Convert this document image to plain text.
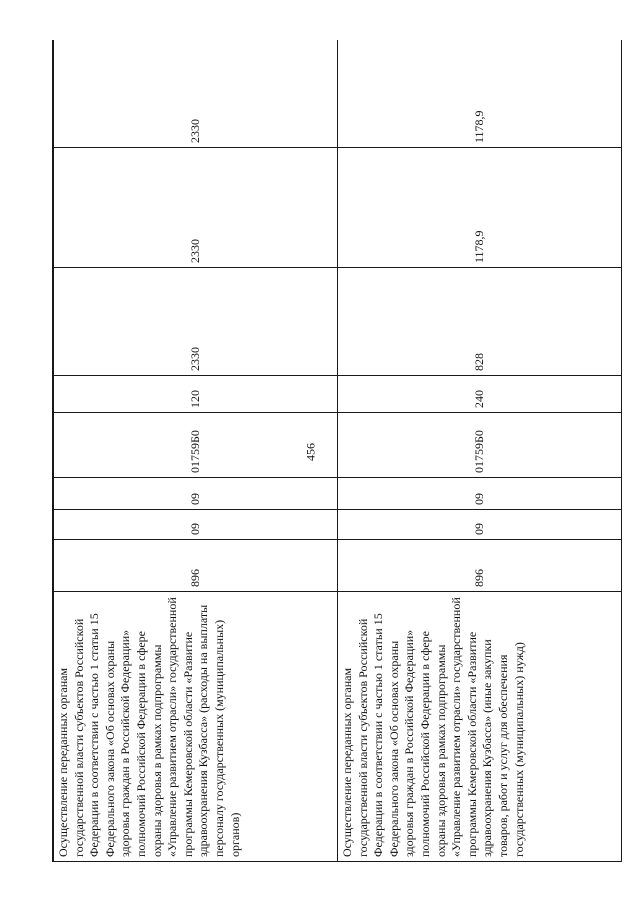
456
Осуществление переданных органам государственной власти субъектов Российской Федерации в соответствии с частью 1 статьи 15 Федерального закона «Об основах охраны здоровья граждан в Российской Федерации» полномочий Российской Федерации в сфере охраны здоровья в рамках подпрограммы «Управление развитием отрасли» государственной программы Кемеровской области «Развитие здравоохранения Кузбасса» (расходы на выплаты персоналу государственных (муниципальных) органов)	896	09	09	01759Б0	120	2330	2330	2330
Осуществление переданных органам государственной власти субъектов Российской Федерации в соответствии с частью 1 статьи 15 Федерального закона «Об основах охраны здоровья граждан в Российской Федерации» полномочий Российской Федерации в сфере охраны здоровья в рамках подпрограммы «Управление развитием отрасли» государственной программы Кемеровской области «Развитие здравоохранения Кузбасса» (иные закупки товаров, работ и услуг для обеспечения государственных (муниципальных) нужд)	896	09	09	01759Б0	240	828	1178,9	1178,9
